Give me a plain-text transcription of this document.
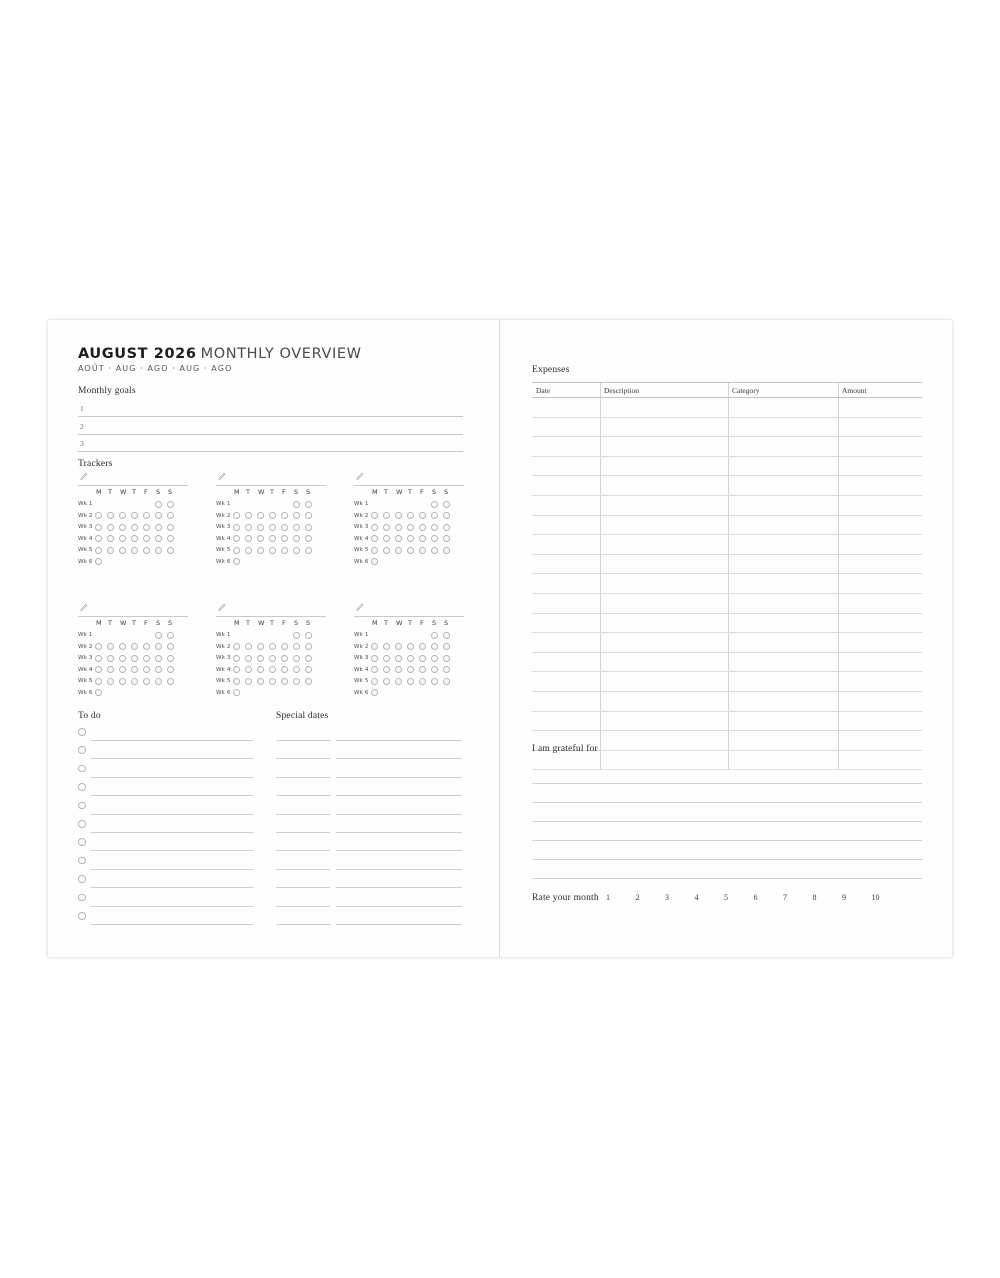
AUGUST 2026 MONTHLY OVERVIEW
AOÛT · AUG · AGO · AUG · AGO
Monthly goals
1
2
3
Trackers
M T W T F S S
Wk 1
Wk 2
Wk 3
Wk 4
Wk 5
Wk 6
M T W T F S S
Wk 1
Wk 2
Wk 3
Wk 4
Wk 5
Wk 6
M T W T F S S
Wk 1
Wk 2
Wk 3
Wk 4
Wk 5
Wk 6
M T W T F S S
Wk 1
Wk 2
Wk 3
Wk 4
Wk 5
Wk 6
M T W T F S S
Wk 1
Wk 2
Wk 3
Wk 4
Wk 5
Wk 6
M T W T F S S
Wk 1
Wk 2
Wk 3
Wk 4
Wk 5
Wk 6
To do	Special dates
Expenses
Date	Description	Category	Amount
I am grateful for
Rate your month 1	2	3	4	5	6	7	8	9	10
